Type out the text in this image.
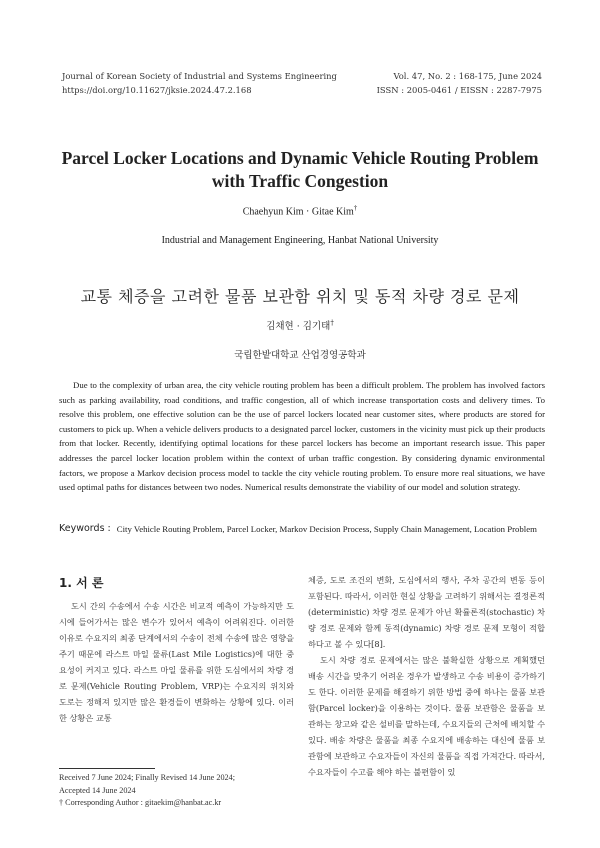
Journal of Korean Society of Industrial and Systems Engineering
https://doi.org/10.11627/jksie.2024.47.2.168
Vol. 47, No. 2 : 168-175, June 2024
ISSN : 2005-0461 / EISSN : 2287-7975
Parcel Locker Locations and Dynamic Vehicle Routing Problem
with Traffic Congestion
Chaehyun Kim · Gitae Kim†
Industrial and Management Engineering, Hanbat National University
교통 체증을 고려한 물품 보관함 위치 및 동적 차량 경로 문제
김채현 · 김기태†
국립한밭대학교 산업경영공학과
Due to the complexity of urban area, the city vehicle routing problem has been a difficult problem. The problem has involved factors such as parking availability, road conditions, and traffic congestion, all of which increase transportation costs and delivery times. To resolve this problem, one effective solution can be the use of parcel lockers located near customer sites, where products are stored for customers to pick up. When a vehicle delivers products to a designated parcel locker, customers in the vicinity must pick up their products from that locker. Recently, identifying optimal locations for these parcel lockers has become an important research issue. This paper addresses the parcel locker location problem within the context of urban traffic congestion. By considering dynamic environmental factors, we propose a Markov decision process model to tackle the city vehicle routing problem. To ensure more real situations, we have used optimal paths for distances between two nodes. Numerical results demonstrate the viability of our model and solution strategy.
Keywords : City Vehicle Routing Problem, Parcel Locker, Markov Decision Process, Supply Chain Management, Location Problem
1. 서 론
도시 간의 수송에서 수송 시간은 비교적 예측이 가능하지만 도시에 들어가서는 많은 변수가 있어서 예측이 어려워진다. 이러한 이유로 수요지의 최종 단계에서의 수송이 전체 수송에 많은 영향을 주기 때문에 라스트 마일 물류(Last Mile Logistics)에 대한 중요성이 커지고 있다. 라스트 마일 물류를 위한 도심에서의 차량 경로 문제(Vehicle Routing Problem, VRP)는 수요지의 위치와 도로는 정해져 있지만 많은 환경들이 변화하는 상황에 있다. 이러한 상황은 교통

체증, 도로 조건의 변화, 도심에서의 행사, 주차 공간의 변동 등이 포함된다. 따라서, 이러한 현실 상황을 고려하기 위해서는 결정론적(deterministic) 차량 경로 문제가 아닌 확률론적(stochastic) 차량 경로 문제와 함께 동적(dynamic) 차량 경로 문제 모형이 적합하다고 볼 수 있다[8].

도시 차량 경로 문제에서는 많은 불확실한 상황으로 계획했던 배송 시간을 맞추기 어려운 경우가 발생하고 수송 비용이 증가하기도 한다. 이러한 문제를 해결하기 위한 방법 중에 하나는 물품 보관함(Parcel locker)을 이용하는 것이다. 물품 보관함은 물품을 보관하는 창고와 같은 설비를 말하는데, 수요지들의 근처에 배치할 수 있다. 배송 차량은 물품을 최종 수요지에 배송하는 대신에 물품 보관함에 보관하고 수요자들이 자신의 물품을 직접 가져간다. 따라서, 수요자들이 수고를 해야 하는 불편함이 있

Received 7 June 2024; Finally Revised 14 June 2024;
Accepted 14 June 2024
† Corresponding Author : gitaekim@hanbat.ac.kr
